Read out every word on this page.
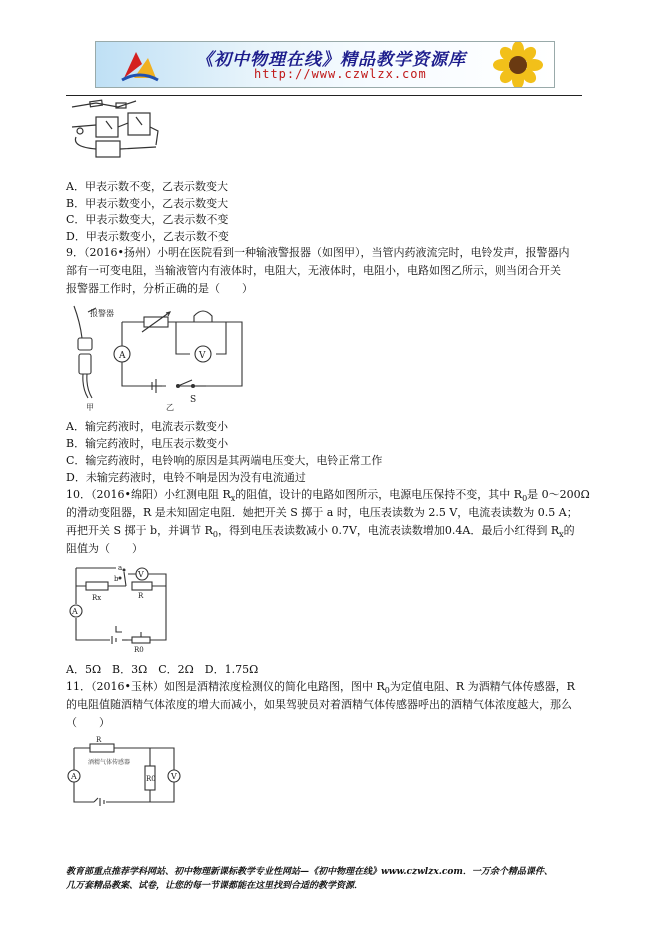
《初中物理在线》精品教学资源库
http://www.czwlzx.com
A．甲表示数不变，乙表示数变大
B．甲表示数变小，乙表示数变大
C．甲表示数变大，乙表示数不变
D．甲表示数变小，乙表示数不变
9．（2016•扬州）小明在医院看到一种输液警报器（如图甲），当管内药液流完时，电铃发声，报警器内
部有一可变电阻，当输液管内有液体时，电阻大，无液体时，电阻小，电路如图乙所示，则当闭合开关
报警器工作时，分析正确的是（　　）
报警器
A	V
S
甲	乙
A．输完药液时，电流表示数变小
B．输完药液时，电压表示数变小
C．输完药液时，电铃响的原因是其两端电压变大，电铃正常工作
D．未输完药液时，电铃不响是因为没有电流通过
10．（2016•绵阳）小红测电阻 $R_x$的阻值，设计的电路如图所示，电源电压保持不变，其中 $R_0$是 0～200Ω
的滑动变阻器，R 是未知固定电阻．她把开关 S 掷于 a 时，电压表读数为 2.5 V，电流表读数为 0.5 A；
再把开关 S 掷于 b，并调节 $R_0$，得到电压表读数减小 0.7V，电流表读数增加0.4A．最后小红得到 $R_x$的
阻值为（　　）
a
b V
A
Rx	R
R0
A．5Ω　B．3Ω　C．2Ω　D．1.75Ω
11．（2016•玉林）如图是酒精浓度检测仪的简化电路图，图中 $R_0$为定值电阻、R 为酒精气体传感器，R
的电阻值随酒精气体浓度的增大而减小，如果驾驶员对着酒精气体传感器呼出的酒精气体浓度越大，那么
（　　）
R
酒精气体传感器
A	V
R0
教育部重点推荐学科网站、初中物理新课标教学专业性网站—《初中物理在线》www.czwlzx.com．一万余个精品课件、
几万套精品教案、试卷，让您的每一节课都能在这里找到合适的教学资源．
